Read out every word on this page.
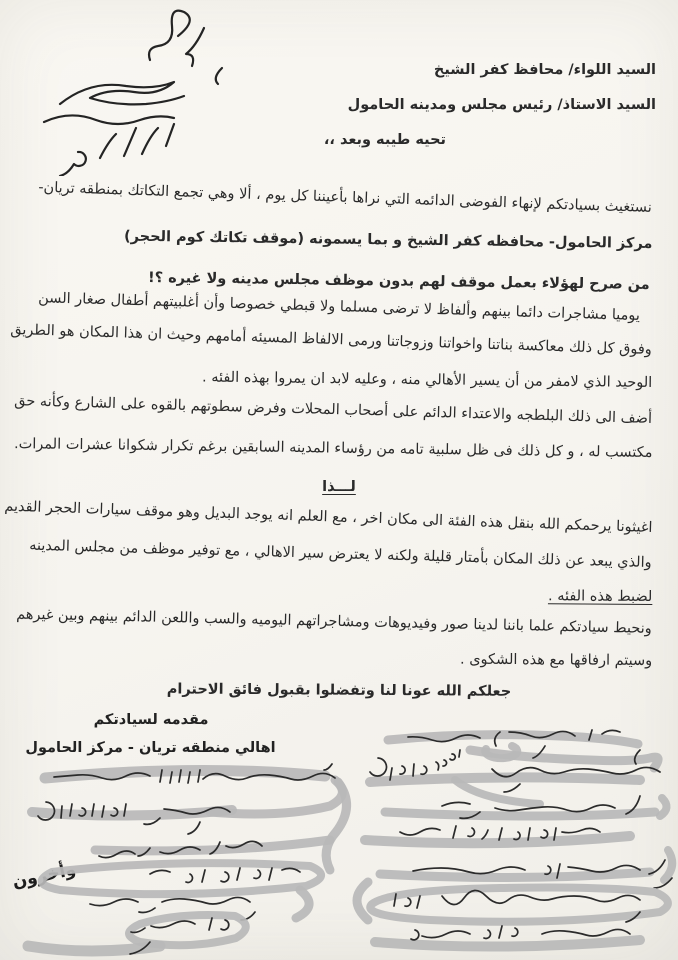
السيد اللواء/ محافظ كفر الشيخ
السيد الاستاذ/ رئيس مجلس ومدينه الحامول
تحيه طيبه وبعد ،،
نستغيث بسيادتكم لإنهاء الفوضى الدائمه التي نراها بأعيننا كل يوم ، ألا وهي تجمع التكاتك بمنطقه تريان-
مركز الحامول- محافظه كفر الشيخ و بما يسمونه (موقف تكاتك كوم الحجر)
من صرح لهؤلاء بعمل موقف لهم بدون موظف مجلس مدينه ولا غيره ؟!
يوميا مشاجرات دائما بينهم وألفاظ لا ترضى مسلما ولا قبطي خصوصا وأن أغلبيتهم أطفال صغار السن
وفوق كل ذلك معاكسة بناتنا واخواتنا وزوجاتنا ورمى الالفاظ المسيئه أمامهم وحيث ان هذا المكان هو الطريق
الوحيد الذي لامفر من أن يسير الأهالي منه ، وعليه لابد ان يمروا بهذه الفئه .
أضف الى ذلك البلطجه والاعتداء الدائم على أصحاب المحلات وفرض سطوتهم بالقوه على الشارع وكأنه حق
مكتسب له ، و كل ذلك فى ظل سلبية تامه من رؤساء المدينه السابقين برغم تكرار شكوانا عشرات المرات.
لـــذا
اغيثونا يرحمكم الله بنقل هذه الفئة الى مكان اخر ، مع العلم انه يوجد البديل وهو موقف سيارات الحجر القديم
والذي يبعد عن ذلك المكان بأمتار قليلة ولكنه لا يعترض سير الاهالي ، مع توفير موظف من مجلس المدينه
لضبط هذه الفئه .
ونحيط سيادتكم علما باننا لدينا صور وفيديوهات ومشاجراتهم اليوميه والسب واللعن الدائم بينهم وبين غيرهم
وسيتم ارفاقها مع هذه الشكوى .
جعلكم الله عونا لنا وتفضلوا بقبول فائق الاحترام
مقدمه لسيادتكم
اهالي منطقه تريان - مركز الحامول
وأخرون
